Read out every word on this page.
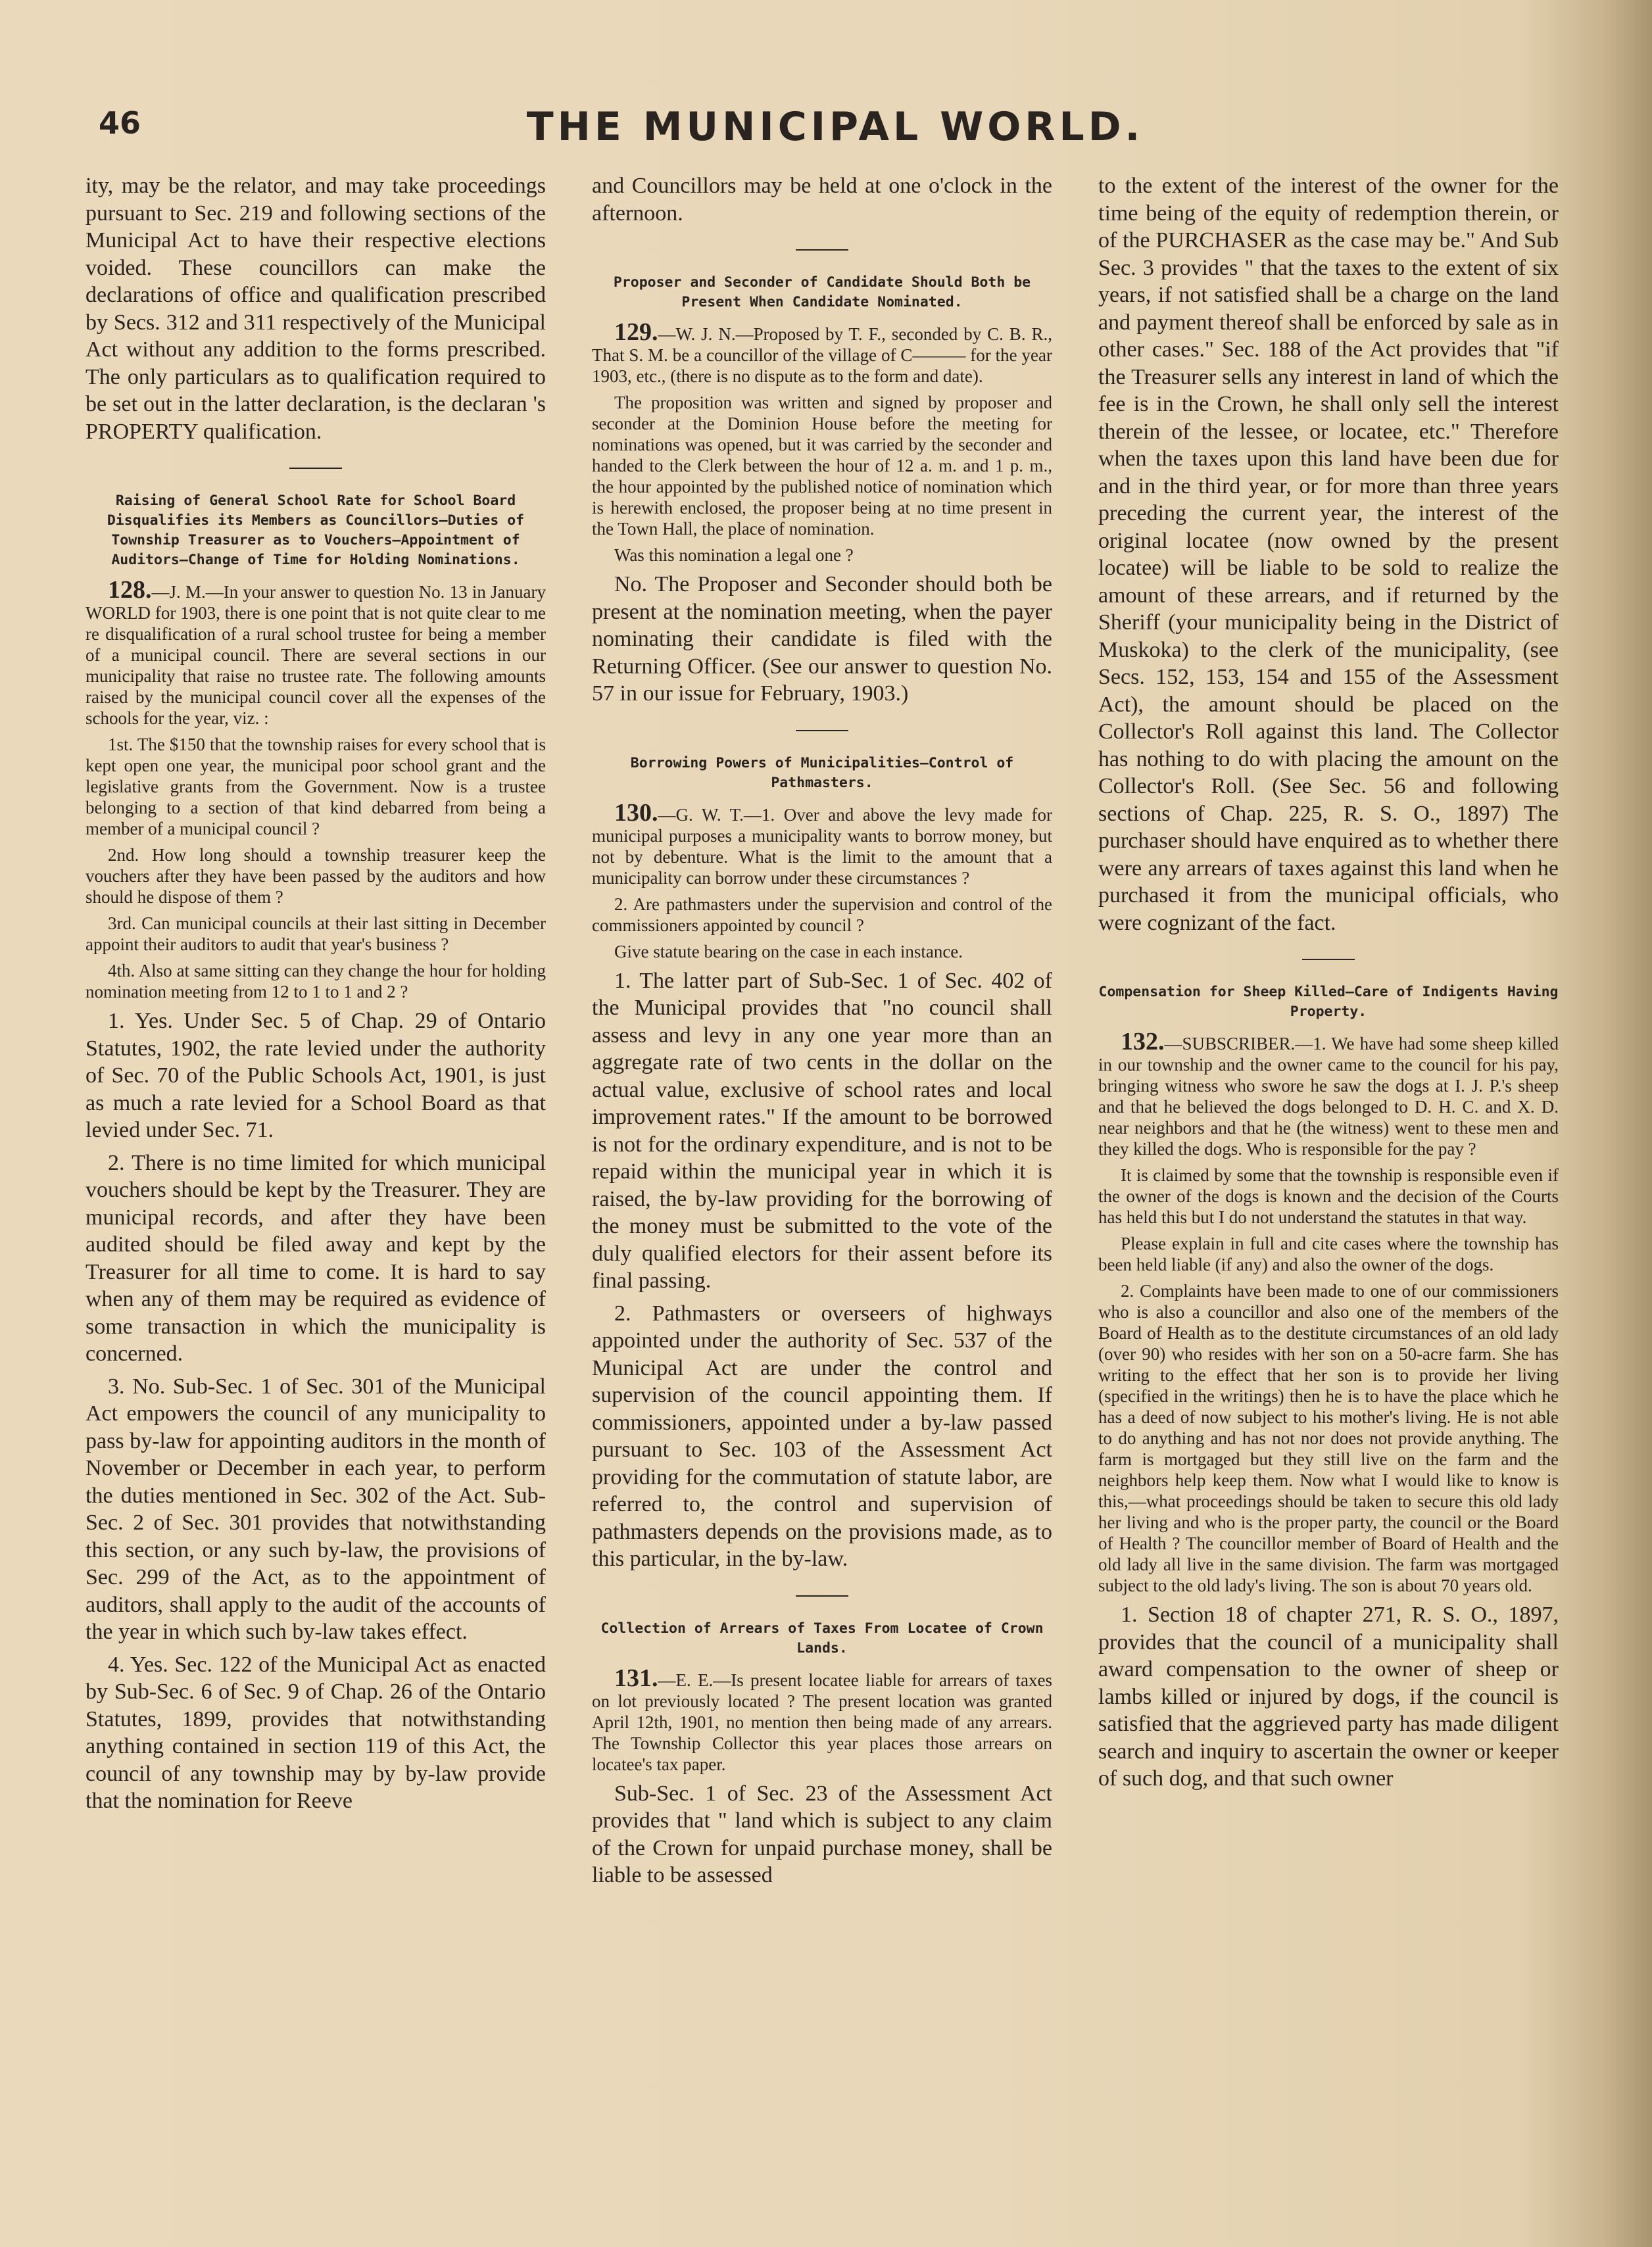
46	THE MUNICIPAL WORLD.

ity, may be the relator, and may take proceedings pursuant to Sec. 219 and following sections of the Municipal Act to have their respective elections voided. These councillors can make the declarations of office and qualification prescribed by Secs. 312 and 311 respectively of the Municipal Act without any addition to the forms prescribed. The only particulars as to qualification required to be set out in the latter declaration, is the declaran 's PROPERTY qualification.

Raising of General School Rate for School Board Disqualifies its Members as Councillors—Duties of Township Treasurer as to Vouchers—Appointment of Auditors—Change of Time for Holding Nominations.

128.—J. M.—In your answer to question No. 13 in January WORLD for 1903, there is one point that is not quite clear to me re disqualification of a rural school trustee for being a member of a municipal council. There are several sections in our municipality that raise no trustee rate. The following amounts raised by the municipal council cover all the expenses of the schools for the year, viz. :

1st. The $150 that the township raises for every school that is kept open one year, the municipal poor school grant and the legislative grants from the Government. Now is a trustee belonging to a section of that kind debarred from being a member of a municipal council ?

2nd. How long should a township treasurer keep the vouchers after they have been passed by the auditors and how should he dispose of them ?

3rd. Can municipal councils at their last sitting in December appoint their auditors to audit that year's business ?

4th. Also at same sitting can they change the hour for holding nomination meeting from 12 to 1 to 1 and 2 ?

1. Yes. Under Sec. 5 of Chap. 29 of Ontario Statutes, 1902, the rate levied under the authority of Sec. 70 of the Public Schools Act, 1901, is just as much a rate levied for a School Board as that levied under Sec. 71.

2. There is no time limited for which municipal vouchers should be kept by the Treasurer. They are municipal records, and after they have been audited should be filed away and kept by the Treasurer for all time to come. It is hard to say when any of them may be required as evidence of some transaction in which the municipality is concerned.

3. No. Sub-Sec. 1 of Sec. 301 of the Municipal Act empowers the council of any municipality to pass by-law for appointing auditors in the month of November or December in each year, to perform the duties mentioned in Sec. 302 of the Act. Sub-Sec. 2 of Sec. 301 provides that notwithstanding this section, or any such by-law, the provisions of Sec. 299 of the Act, as to the appointment of auditors, shall apply to the audit of the accounts of the year in which such by-law takes effect.

4. Yes. Sec. 122 of the Municipal Act as enacted by Sub-Sec. 6 of Sec. 9 of Chap. 26 of the Ontario Statutes, 1899, provides that notwithstanding anything contained in section 119 of this Act, the council of any township may by by-law provide that the nomination for Reeve

and Councillors may be held at one o'clock in the afternoon.

Proposer and Seconder of Candidate Should Both be Present When Candidate Nominated.

129.—W. J. N.—Proposed by T. F., seconded by C. B. R., That S. M. be a councillor of the village of C——— for the year 1903, etc., (there is no dispute as to the form and date).

The proposition was written and signed by proposer and seconder at the Dominion House before the meeting for nominations was opened, but it was carried by the seconder and handed to the Clerk between the hour of 12 a. m. and 1 p. m., the hour appointed by the published notice of nomination which is herewith enclosed, the proposer being at no time present in the Town Hall, the place of nomination.

Was this nomination a legal one ?

No. The Proposer and Seconder should both be present at the nomination meeting, when the payer nominating their candidate is filed with the Returning Officer. (See our answer to question No. 57 in our issue for February, 1903.)

Borrowing Powers of Municipalities—Control of Pathmasters.

130.—G. W. T.—1. Over and above the levy made for municipal purposes a municipality wants to borrow money, but not by debenture. What is the limit to the amount that a municipality can borrow under these circumstances ?

2. Are pathmasters under the supervision and control of the commissioners appointed by council ?

Give statute bearing on the case in each instance.

1. The latter part of Sub-Sec. 1 of Sec. 402 of the Municipal provides that "no council shall assess and levy in any one year more than an aggregate rate of two cents in the dollar on the actual value, exclusive of school rates and local improvement rates." If the amount to be borrowed is not for the ordinary expenditure, and is not to be repaid within the municipal year in which it is raised, the by-law providing for the borrowing of the money must be submitted to the vote of the duly qualified electors for their assent before its final passing.

2. Pathmasters or overseers of highways appointed under the authority of Sec. 537 of the Municipal Act are under the control and supervision of the council appointing them. If commissioners, appointed under a by-law passed pursuant to Sec. 103 of the Assessment Act providing for the commutation of statute labor, are referred to, the control and supervision of pathmasters depends on the provisions made, as to this particular, in the by-law.

Collection of Arrears of Taxes From Locatee of Crown Lands.

131.—E. E.—Is present locatee liable for arrears of taxes on lot previously located ? The present location was granted April 12th, 1901, no mention then being made of any arrears. The Township Collector this year places those arrears on locatee's tax paper.

Sub-Sec. 1 of Sec. 23 of the Assessment Act provides that " land which is subject to any claim of the Crown for unpaid purchase money, shall be liable to be assessed

to the extent of the interest of the owner for the time being of the equity of redemption therein, or of the PURCHASER as the case may be." And Sub Sec. 3 provides " that the taxes to the extent of six years, if not satisfied shall be a charge on the land and payment thereof shall be enforced by sale as in other cases." Sec. 188 of the Act provides that "if the Treasurer sells any interest in land of which the fee is in the Crown, he shall only sell the interest therein of the lessee, or locatee, etc." Therefore when the taxes upon this land have been due for and in the third year, or for more than three years preceding the current year, the interest of the original locatee (now owned by the present locatee) will be liable to be sold to realize the amount of these arrears, and if returned by the Sheriff (your municipality being in the District of Muskoka) to the clerk of the municipality, (see Secs. 152, 153, 154 and 155 of the Assessment Act), the amount should be placed on the Collector's Roll against this land. The Collector has nothing to do with placing the amount on the Collector's Roll. (See Sec. 56 and following sections of Chap. 225, R. S. O., 1897) The purchaser should have enquired as to whether there were any arrears of taxes against this land when he purchased it from the municipal officials, who were cognizant of the fact.

Compensation for Sheep Killed—Care of Indigents Having Property.

132.—SUBSCRIBER.—1. We have had some sheep killed in our township and the owner came to the council for his pay, bringing witness who swore he saw the dogs at I. J. P.'s sheep and that he believed the dogs belonged to D. H. C. and X. D. near neighbors and that he (the witness) went to these men and they killed the dogs. Who is responsible for the pay ?

It is claimed by some that the township is responsible even if the owner of the dogs is known and the decision of the Courts has held this but I do not understand the statutes in that way.

Please explain in full and cite cases where the township has been held liable (if any) and also the owner of the dogs.

2. Complaints have been made to one of our commissioners who is also a councillor and also one of the members of the Board of Health as to the destitute circumstances of an old lady (over 90) who resides with her son on a 50-acre farm. She has writing to the effect that her son is to provide her living (specified in the writings) then he is to have the place which he has a deed of now subject to his mother's living. He is not able to do anything and has not nor does not provide anything. The farm is mortgaged but they still live on the farm and the neighbors help keep them. Now what I would like to know is this,—what proceedings should be taken to secure this old lady her living and who is the proper party, the council or the Board of Health ? The councillor member of Board of Health and the old lady all live in the same division. The farm was mortgaged subject to the old lady's living. The son is about 70 years old.

1. Section 18 of chapter 271, R. S. O., 1897, provides that the council of a municipality shall award compensation to the owner of sheep or lambs killed or injured by dogs, if the council is satisfied that the aggrieved party has made diligent search and inquiry to ascertain the owner or keeper of such dog, and that such owner
